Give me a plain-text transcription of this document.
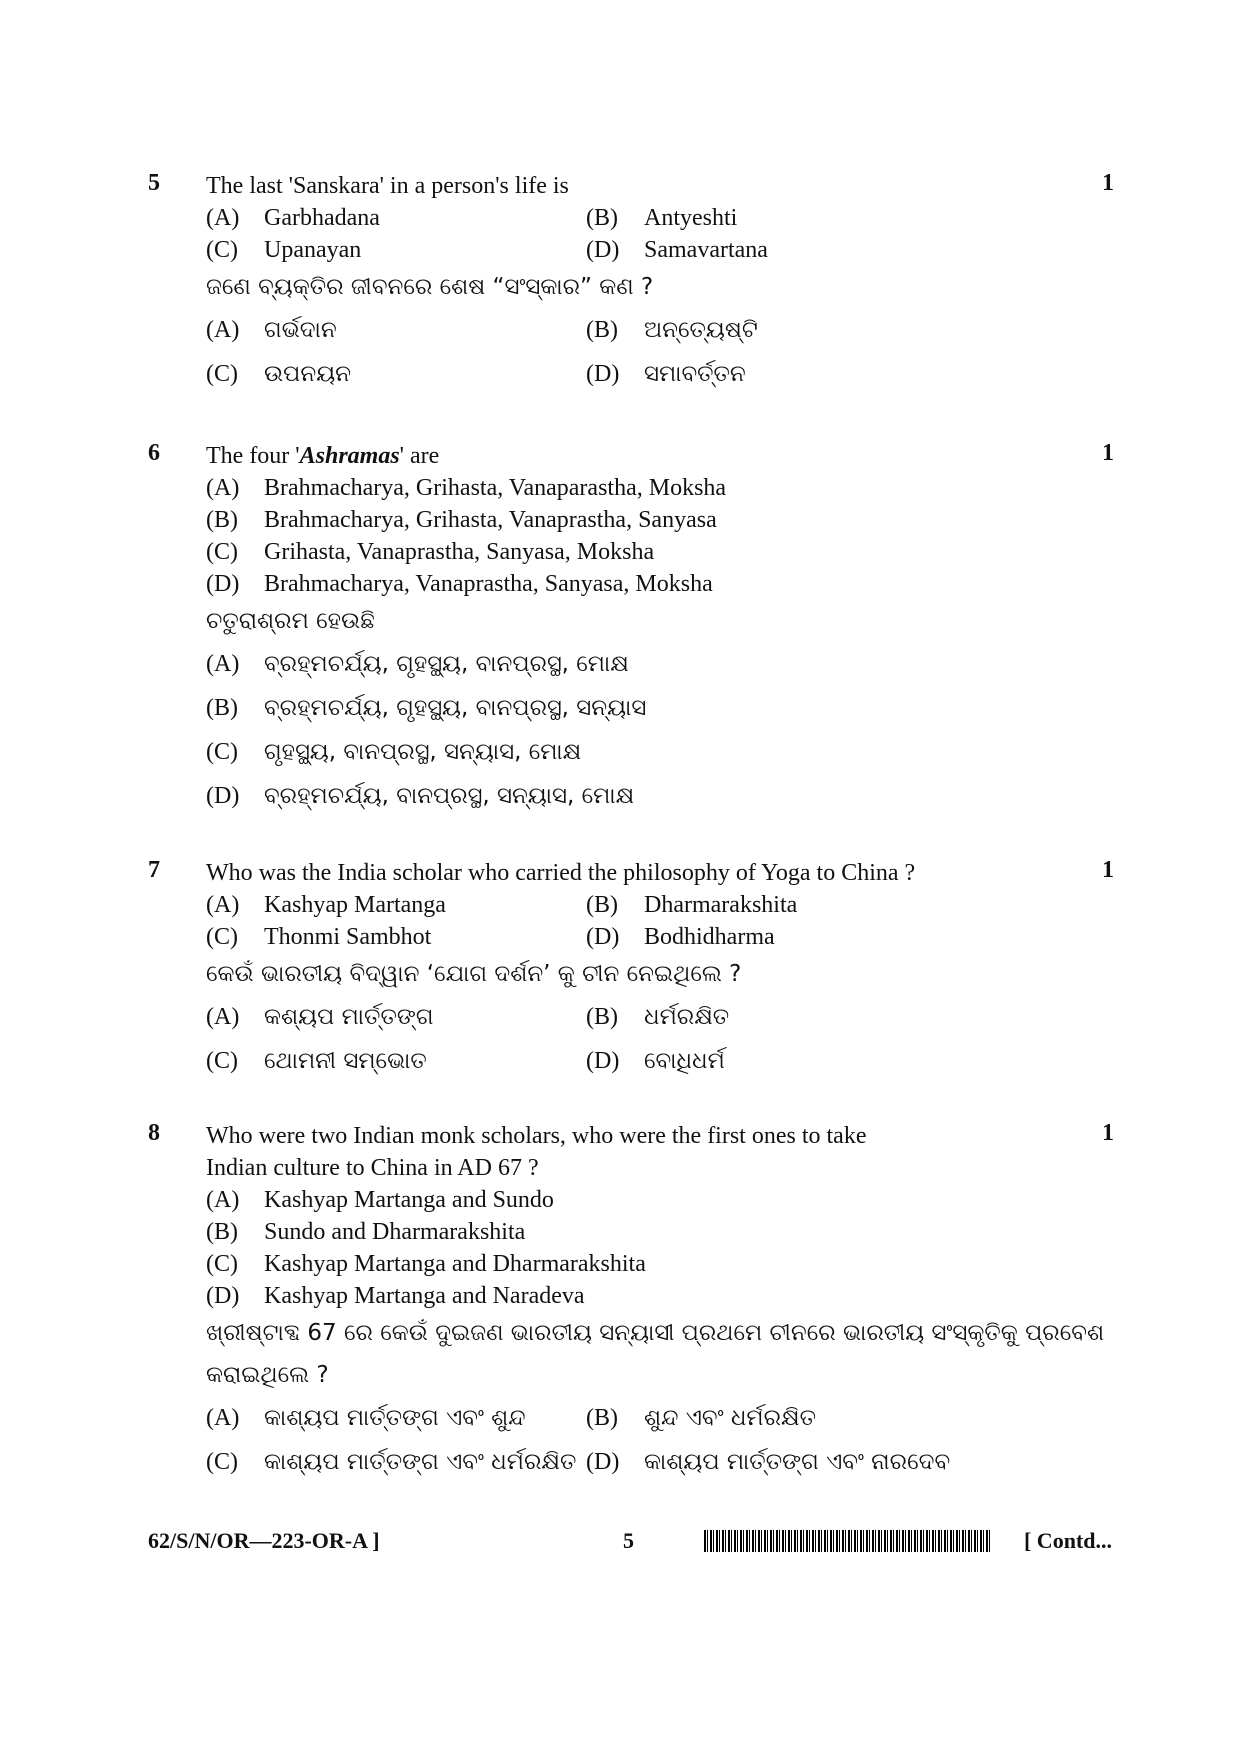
5	1
The last 'Sanskara' in a person's life is
(A) Garbhadana	(B) Antyeshti
(C) Upanayan	(D) Samavartana
ଜଣେ ବ୍ୟକ୍ତିର ଜୀବନରେ ଶେଷ “ସଂସ୍କାର” କଣ ?
(A) ଗର୍ଭଦାନ	(B) ଅନ୍ତ୍ୟେଷ୍ଟି
(C) ଉପନୟନ	(D) ସମାବର୍ତ୍ତନ
6	1
The four 'Ashramas' are
(A) Brahmacharya, Grihasta, Vanaparastha, Moksha
(B) Brahmacharya, Grihasta, Vanaprastha, Sanyasa
(C) Grihasta, Vanaprastha, Sanyasa, Moksha
(D) Brahmacharya, Vanaprastha, Sanyasa, Moksha
ଚତୁରାଶ୍ରମ ହେଉଛି
(A) ବ୍ରହ୍ମଚର୍ଯ୍ୟ, ଗୃହସ୍ଥ୍ୟ, ବାନପ୍ରସ୍ଥ, ମୋକ୍ଷ
(B) ବ୍ରହ୍ମଚର୍ଯ୍ୟ, ଗୃହସ୍ଥ୍ୟ, ବାନପ୍ରସ୍ଥ, ସନ୍ୟାସ
(C) ଗୃହସ୍ଥ୍ୟ, ବାନପ୍ରସ୍ଥ, ସନ୍ୟାସ, ମୋକ୍ଷ
(D) ବ୍ରହ୍ମଚର୍ଯ୍ୟ, ବାନପ୍ରସ୍ଥ, ସନ୍ୟାସ, ମୋକ୍ଷ
7	1
Who was the India scholar who carried the philosophy of Yoga to China ?
(A) Kashyap Martanga	(B) Dharmarakshita
(C) Thonmi Sambhot	(D) Bodhidharma
କେଉଁ ଭାରତୀୟ ବିଦ୍ୱାନ ‘ଯୋଗ ଦର୍ଶନ’ କୁ ଚୀନ ନେଇଥିଲେ ?
(A) କଶ୍ୟପ ମାର୍ତ୍ତଙ୍ଗ	(B) ଧର୍ମରକ୍ଷିତ
(C) ଥୋମନୀ ସମ୍ଭୋତ	(D) ବୋଧିଧର୍ମ
8	1
Who were two Indian monk scholars, who were the first ones to take
Indian culture to China in AD 67 ?
(A) Kashyap Martanga and Sundo
(B) Sundo and Dharmarakshita
(C) Kashyap Martanga and Dharmarakshita
(D) Kashyap Martanga and Naradeva
ଖ୍ରୀଷ୍ଟାବ୍ଦ 67 ରେ କେଉଁ ଦୁଇଜଣ ଭାରତୀୟ ସନ୍ୟାସୀ ପ୍ରଥମେ ଚୀନରେ ଭାରତୀୟ ସଂସ୍କୃତିକୁ ପ୍ରବେଶ
କରାଇଥିଲେ ?
(A) କାଶ୍ୟପ ମାର୍ତ୍ତଙ୍ଗ ଏବଂ ଶୁନ୍ଦ	(B) ଶୁନ୍ଦ ଏବଂ ଧର୍ମରକ୍ଷିତ
(C) କାଶ୍ୟପ ମାର୍ତ୍ତଙ୍ଗ ଏବଂ ଧର୍ମରକ୍ଷିତ (D) କାଶ୍ୟପ ମାର୍ତ୍ତଙ୍ଗ ଏବଂ ନାରଦେବ
62/S/N/OR—223-OR-A ]	5	[ Contd...
